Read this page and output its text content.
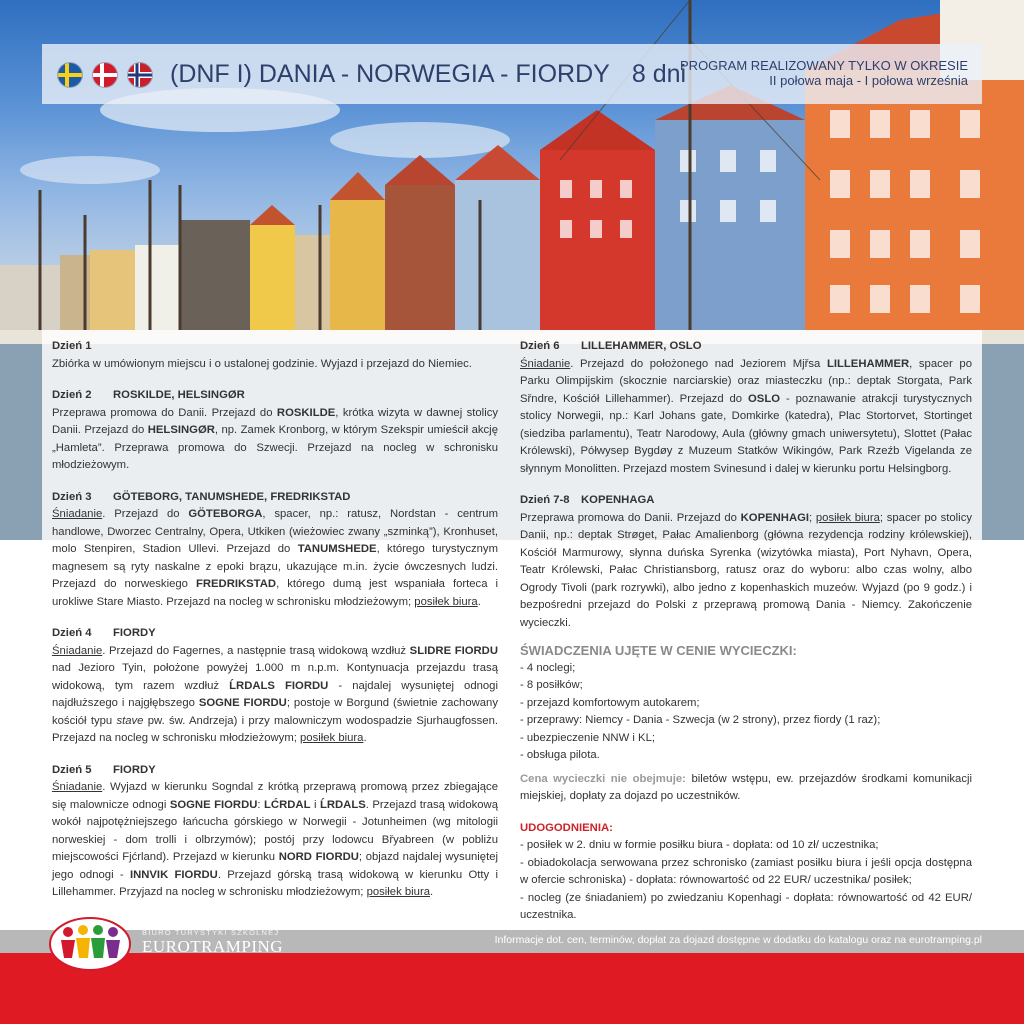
(DNF I) DANIA - NORWEGIA - FIORDY 8 dni
PROGRAM REALIZOWANY TYLKO W OKRESIE
II połowa maja - I połowa września
Dzień 1

Zbiórka w umówionym miejscu i o ustalonej godzinie. Wyjazd i przejazd do Niemiec.

Dzień 2 ROSKILDE, HELSINGØR

Przeprawa promowa do Danii. Przejazd do ROSKILDE, krótka wizyta w dawnej stolicy Danii. Przejazd do HELSINGØR, np. Zamek Kronborg, w którym Szekspir umieścił akcję „Hamleta”. Przeprawa promowa do Szwecji. Przejazd na nocleg w schronisku młodzieżowym.

Dzień 3 GÖTEBORG, TANUMSHEDE, FREDRIKSTAD

Śniadanie. Przejazd do GÖTEBORGA, spacer, np.: ratusz, Nordstan - centrum handlowe, Dworzec Centralny, Opera, Utkiken (wieżowiec zwany „szminką”), Kronhuset, molo Stenpiren, Stadion Ullevi. Przejazd do TANUMSHEDE, którego turystycznym magnesem są ryty naskalne z epoki brązu, ukazujące m.in. życie ówczesnych ludzi. Przejazd do norweskiego FREDRIKSTAD, którego dumą jest wspaniała forteca i urokliwe Stare Miasto. Przejazd na nocleg w schronisku młodzieżowym; posiłek biura.

Dzień 4 FIORDY

Śniadanie. Przejazd do Fagernes, a następnie trasą widokową wzdłuż SLIDRE FIORDU nad Jezioro Tyin, położone powyżej 1.000 m n.p.m. Kontynuacja przejazdu trasą widokową, tym razem wzdłuż ĹRDALS FIORDU - najdalej wysuniętej odnogi najdłuższego i najgłębszego SOGNE FIORDU; postoje w Borgund (świetnie zachowany kościół typu stave pw. św. Andrzeja) i przy malowniczym wodospadzie Sjurhaugfossen. Przejazd na nocleg w schronisku młodzieżowym; posiłek biura.

Dzień 5 FIORDY

Śniadanie. Wyjazd w kierunku Sogndal z krótką przeprawą promową przez zbiegające się malownicze odnogi SOGNE FIORDU: LĆRDAL i ĹRDALS. Przejazd trasą widokową wokół najpotężniejszego łańcucha górskiego w Norwegii - Jotunheimen (wg mitologii norweskiej - dom trolli i olbrzymów); postój przy lodowcu Břyabreen (w pobliżu miejscowości Fjćrland). Przejazd w kierunku NORD FIORDU; objazd najdalej wysuniętej jego odnogi - INNVIK FIORDU. Przejazd górską trasą widokową w kierunku Otty i Lillehammer. Przyjazd na nocleg w schronisku młodzieżowym; posiłek biura.

Dzień 6 LILLEHAMMER, OSLO

Śniadanie. Przejazd do położonego nad Jeziorem Mjřsa LILLEHAMMER, spacer po Parku Olimpijskim (skocznie narciarskie) oraz miasteczku (np.: deptak Storgata, Park Sřndre, Kościół Lillehammer). Przejazd do OSLO - poznawanie atrakcji turystycznych stolicy Norwegii, np.: Karl Johans gate, Domkirke (katedra), Plac Stortorvet, Stortinget (siedziba parlamentu), Teatr Narodowy, Aula (główny gmach uniwersytetu), Slottet (Pałac Królewski), Półwysep Bygdøy z Muzeum Statków Wikingów, Park Rzeźb Vigelanda ze słynnym Monolitten. Przejazd mostem Svinesund i dalej w kierunku portu Helsingborg.

Dzień 7-8 KOPENHAGA

Przeprawa promowa do Danii. Przejazd do KOPENHAGI; posiłek biura; spacer po stolicy Danii, np.: deptak Strøget, Pałac Amalienborg (główna rezydencja rodziny królewskiej), Kościół Marmurowy, słynna duńska Syrenka (wizytówka miasta), Port Nyhavn, Opera, Teatr Królewski, Pałac Christiansborg, ratusz oraz do wyboru: albo czas wolny, albo Ogrody Tivoli (park rozrywki), albo jedno z kopenhaskich muzeów. Wyjazd (po 9 godz.) i bezpośredni przejazd do Polski z przeprawą promową Dania - Niemcy. Zakończenie wycieczki.

ŚWIADCZENIA UJĘTE W CENIE WYCIECZKI:
- 4 noclegi;
- 8 posiłków;
- przejazd komfortowym autokarem;
- przeprawy: Niemcy - Dania - Szwecja (w 2 strony), przez fiordy (1 raz);
- ubezpieczenie NNW i KL;
- obsługa pilota.

Cena wycieczki nie obejmuje: biletów wstępu, ew. przejazdów środkami komunikacji miejskiej, dopłaty za dojazd po uczestników.

UDOGODNIENIA:

- posiłek w 2. dniu w formie posiłku biura - dopłata: od 10 zł/ uczestnika;

- obiadokolacja serwowana przez schronisko (zamiast posiłku biura i jeśli opcja dostępna w ofercie schroniska) - dopłata: równowartość od 22 EUR/ uczestnika/ posiłek;

- nocleg (ze śniadaniem) po zwiedzaniu Kopenhagi - dopłata: równowartość od 42 EUR/ uczestnika.

Informacje dot. cen, terminów, dopłat za dojazd dostępne w dodatku do katalogu oraz na eurotramping.pl
BIURO TURYSTYKI SZKOLNEJ
EUROTRAMPING
